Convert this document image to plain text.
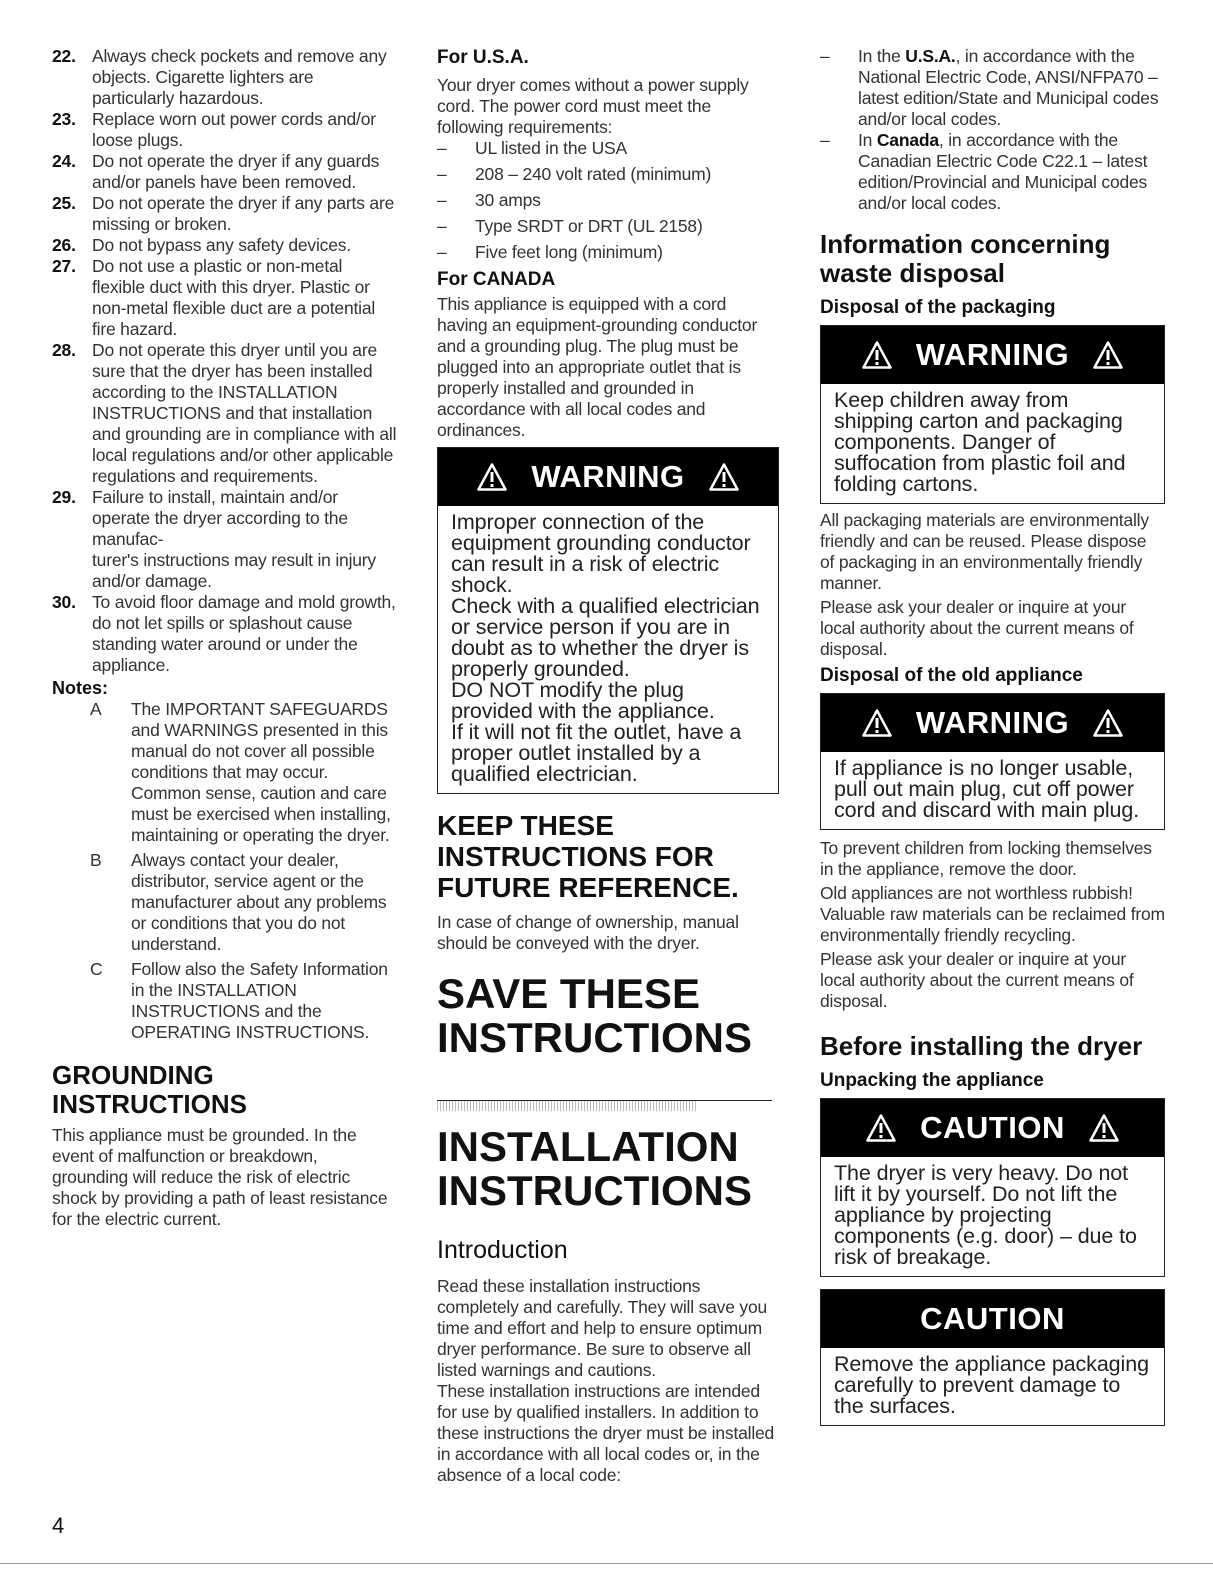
22. Always check pockets and remove any objects. Cigarette lighters are particularly hazardous.
23. Replace worn out power cords and/or loose plugs.
24. Do not operate the dryer if any guards and/or panels have been removed.
25. Do not operate the dryer if any parts are missing or broken.
26. Do not bypass any safety devices.
27. Do not use a plastic or non-metal flexible duct with this dryer. Plastic or non-metal flexible duct are a potential fire hazard.
28. Do not operate this dryer until you are sure that the dryer has been installed according to the INSTALLATION INSTRUCTIONS and that installation and grounding are in compliance with all local regulations and/or other applicable regulations and requirements.
29. Failure to install, maintain and/or operate the dryer according to the manufac-
turer's instructions may result in injury and/or damage.
30. To avoid floor damage and mold growth, do not let spills or splashout cause standing water around or under the appliance.
Notes:
A	The IMPORTANT SAFEGUARDS and WARNINGS presented in this manual do not cover all possible conditions that may occur.

Common sense, caution and care must be exercised when installing, maintaining or operating the dryer.

B	Always contact your dealer, distributor, service agent or the manufacturer about any problems or conditions that you do not understand.

C	Follow also the Safety Information in the INSTALLATION INSTRUCTIONS and the OPERATING INSTRUCTIONS.

GROUNDING
INSTRUCTIONS

This appliance must be grounded. In the event of malfunction or breakdown, grounding will reduce the risk of electric shock by providing a path of least resistance for the electric current.

For U.S.A.

Your dryer comes without a power supply cord. The power cord must meet the following requirements:

–	UL listed in the USA
–	208 – 240 volt rated (minimum)
–	30 amps
–	Type SRDT or DRT (UL 2158)
–	Five feet long (minimum)
For CANADA

This appliance is equipped with a cord having an equipment-grounding conductor and a grounding plug. The plug must be plugged into an appropriate outlet that is properly installed and grounded in accordance with all local codes and ordinances.

WARNING

Improper connection of the equipment grounding conductor can result in a risk of electric shock.

Check with a qualified electrician or service person if you are in doubt as to whether the dryer is properly grounded.

DO NOT modify the plug provided with the appliance.

If it will not fit the outlet, have a proper outlet installed by a qualified electrician.

KEEP THESE
INSTRUCTIONS FOR
FUTURE REFERENCE.

In case of change of ownership, manual should be conveyed with the dryer.

SAVE THESE
INSTRUCTIONS
INSTALLATION
INSTRUCTIONS
Introduction

Read these installation instructions completely and carefully. They will save you time and effort and help to ensure optimum dryer performance. Be sure to observe all listed warnings and cautions.

These installation instructions are intended for use by qualified installers. In addition to these instructions the dryer must be installed in accordance with all local codes or, in the absence of a local code:

–	In the U.S.A., in accordance with the National Electric Code, ANSI/NFPA70 – latest edition/State and Municipal codes and/or local codes.
–	In Canada, in accordance with the Canadian Electric Code C22.1 – latest edition/Provincial and Municipal codes and/or local codes.
Information concerning
waste disposal
Disposal of the packaging
WARNING

Keep children away from shipping carton and packaging components. Danger of suffocation from plastic foil and folding cartons.

All packaging materials are environmentally friendly and can be reused. Please dispose of packaging in an environmentally friendly manner.

Please ask your dealer or inquire at your local authority about the current means of disposal.

Disposal of the old appliance
WARNING

If appliance is no longer usable, pull out main plug, cut off power cord and discard with main plug.

To prevent children from locking themselves in the appliance, remove the door.

Old appliances are not worthless rubbish! Valuable raw materials can be reclaimed from environmentally friendly recycling.

Please ask your dealer or inquire at your local authority about the current means of disposal.

Before installing the dryer
Unpacking the appliance
CAUTION

The dryer is very heavy. Do not lift it by yourself. Do not lift the appliance by projecting components (e.g. door) – due to risk of breakage.

CAUTION

Remove the appliance packaging carefully to prevent damage to the surfaces.

4
